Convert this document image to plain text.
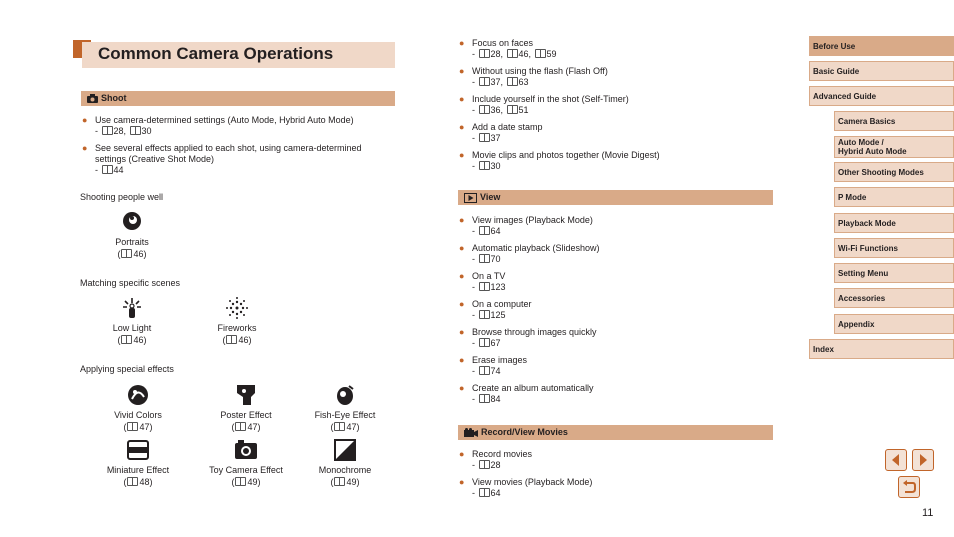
Common Camera Operations
Shoot
● Use camera-determined settings (Auto Mode, Hybrid Auto Mode)
- 28, 30
● See several effects applied to each shot, using camera-determined settings (Creative Shot Mode)
- 44
Shooting people well
Portraits
( 46)
Matching specific scenes
Low Light
( 46)
Fireworks
( 46)
Applying special effects
Vivid Colors
( 47)
Poster Effect
( 47)
Fish-Eye Effect
( 47)
Miniature Effect
( 48)
Toy Camera Effect
( 49)
Monochrome
( 49)
● Focus on faces
- 28, 46, 59
● Without using the flash (Flash Off)
- 37, 63
● Include yourself in the shot (Self-Timer)
- 36, 51
● Add a date stamp
- 37
● Movie clips and photos together (Movie Digest)
- 30
View
● View images (Playback Mode)
- 64
● Automatic playback (Slideshow)
- 70
● On a TV
- 123
● On a computer
- 125
● Browse through images quickly
- 67
● Erase images
- 74
● Create an album automatically
- 84
Record/View Movies
● Record movies
- 28
● View movies (Playback Mode)
- 64
Before Use
Basic Guide
Advanced Guide
Camera Basics
Auto Mode /
Hybrid Auto Mode
Other Shooting Modes
P Mode
Playback Mode
Wi-Fi Functions
Setting Menu
Accessories
Appendix
Index
11
